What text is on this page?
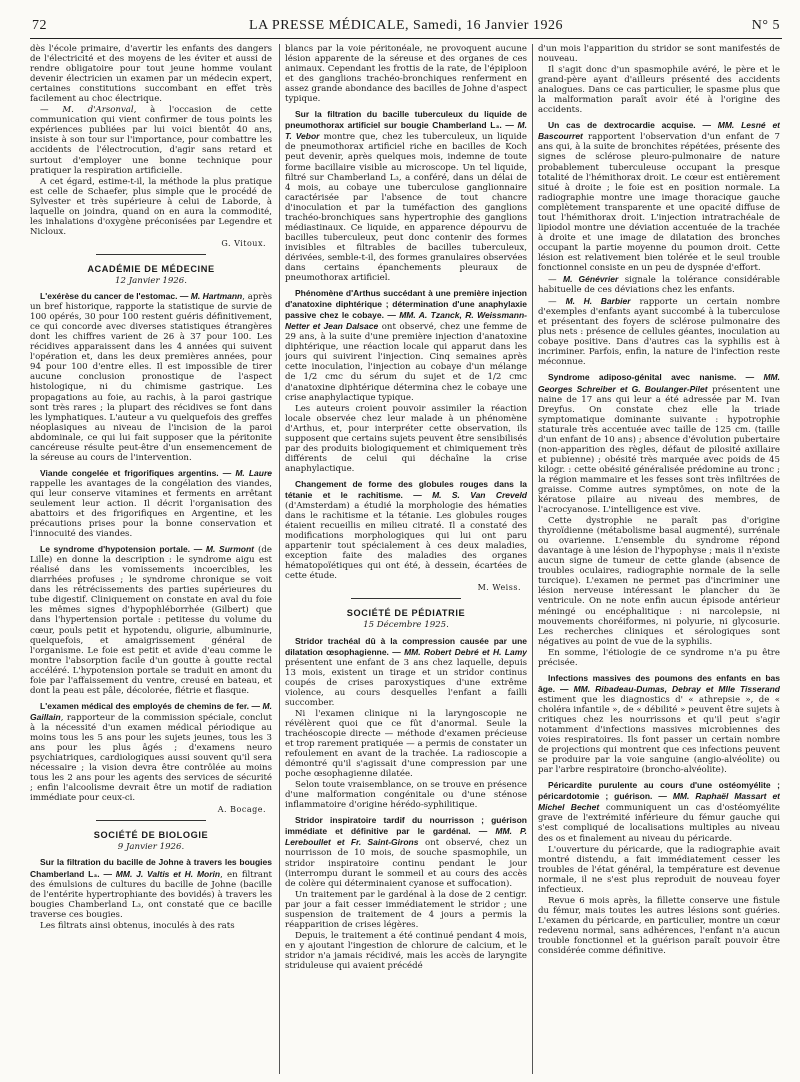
72	LA PRESSE MÉDICALE, Samedi, 16 Janvier 1926	N° 5

dès l'école primaire, d'avertir les enfants des dangers de l'électricité et des moyens de les éviter et aussi de rendre obligatoire pour tout jeune homme voulant devenir électricien un examen par un médecin expert, certaines constitutions succombant en effet très facilement au choc électrique.

— M. d'Arsonval, à l'occasion de cette communication qui vient confirmer de tous points les expériences publiées par lui voici bientôt 40 ans, insiste à son tour sur l'importance, pour combattre les accidents de l'électrocution, d'agir sans retard et surtout d'employer une bonne technique pour pratiquer la respiration artificielle.

A cet égard, estime-t-il, la méthode la plus pratique est celle de Schaefer, plus simple que le procédé de Sylvester et très supérieure à celui de Laborde, à laquelle on joindra, quand on en aura la commodité, les inhalations d'oxygène préconisées par Legendre et Nicloux.

G. Vitoux.
ACADÉMIE DE MÉDECINE
12 Janvier 1926.

L'exérèse du cancer de l'estomac. — M. Hartmann, après un bref historique, rapporte la statistique de survie de 100 opérés, 30 pour 100 restent guéris définitivement, ce qui concorde avec diverses statistiques étrangères dont les chiffres varient de 26 à 37 pour 100. Les récidives apparaissent dans les 4 années qui suivent l'opération et, dans les deux premières années, pour 94 pour 100 d'entre elles. Il est impossible de tirer aucune conclusion pronostique de l'aspect histologique, ni du chimisme gastrique. Les propagations au foie, au rachis, à la paroi gastrique sont très rares ; la plupart des récidives se font dans les lymphatiques. L'auteur a vu quelquefois des greffes néoplasiques au niveau de l'incision de la paroi abdominale, ce qui lui fait supposer que la péritonite cancéreuse résulte peut-être d'un ensemencement de la séreuse au cours de l'intervention.

Viande congelée et frigorifiques argentins. — M. Laure rappelle les avantages de la congélation des viandes, qui leur conserve vitamines et ferments en arrêtant seulement leur action. Il décrit l'organisation des abattoirs et des frigorifiques en Argentine, et les précautions prises pour la bonne conservation et l'innocuité des viandes.

Le syndrome d'hypotension portale. — M. Surmont (de Lille) en donne la description : le syndrome aigu est réalisé dans les vomissements incoercibles, les diarrhées profuses ; le syndrome chronique se voit dans les rétrécissements des parties supérieures du tube digestif. Cliniquement on constate en aval du foie les mêmes signes d'hypophléborrhée (Gilbert) que dans l'hypertension portale : petitesse du volume du cœur, pouls petit et hypotendu, oligurie, albuminurie, quelquefois, et amaigrissement général de l'organisme. Le foie est petit et avide d'eau comme le montre l'absorption facile d'un goutte à goutte rectal accéléré. L'hypotension portale se traduit en amont du foie par l'affaissement du ventre, creusé en bateau, et dont la peau est pâle, décolorée, flétrie et flasque.

L'examen médical des employés de chemins de fer. — M. Gaillain, rapporteur de la commission spéciale, conclut à la nécessité d'un examen médical périodique au moins tous les 5 ans pour les sujets jeunes, tous les 3 ans pour les plus âgés ; d'examens neuro psychiatriques, cardiologiques aussi souvent qu'il sera nécessaire ; la vision devra être contrôlée au moins tous les 2 ans pour les agents des services de sécurité ; enfin l'alcoolisme devrait être un motif de radiation immédiate pour ceux-ci.

A. Bocage.
SOCIÉTÉ DE BIOLOGIE
9 Janvier 1926.

Sur la filtration du bacille de Johne à travers les bougies Chamberland L₃. — MM. J. Valtis et H. Morin, en filtrant des émulsions de cultures du bacille de Johne (bacille de l'entérite hypertrophiante des bovidés) à travers les bougies Chamberland L₃, ont constaté que ce bacille traverse ces bougies.

Les filtrats ainsi obtenus, inoculés à des rats

blancs par la voie péritonéale, ne provoquent aucune lésion apparente de la séreuse et des organes de ces animaux. Cependant les frottis de la rate, de l'épiploon et des ganglions trachéo-bronchiques renferment en assez grande abondance des bacilles de Johne d'aspect typique.

Sur la filtration du bacille tuberculeux du liquide de pneumothorax artificiel sur bougie Chamberland L₃. — M. T. Vebor montre que, chez les tuberculeux, un liquide de pneumothorax artificiel riche en bacilles de Koch peut devenir, après quelques mois, indemne de toute forme bacillaire visible au microscope. Un tel liquide, filtré sur Chamberland L₃, a conféré, dans un délai de 4 mois, au cobaye une tuberculose ganglionnaire caractérisée par l'absence de tout chancre d'inoculation et par la tuméfaction des ganglions trachéo-bronchiques sans hypertrophie des ganglions médiastinaux. Ce liquide, en apparence dépourvu de bacilles tuberculeux, peut donc contenir des formes invisibles et filtrables de bacilles tuberculeux, dérivées, semble-t-il, des formes granulaires observées dans certains épanchements pleuraux de pneumothorax artificiel.

Phénomène d'Arthus succédant à une première injection d'anatoxine diphtérique ; détermination d'une anaphylaxie passive chez le cobaye. — MM. A. Tzanck, R. Weissmann-Netter et Jean Dalsace ont observé, chez une femme de 29 ans, à la suite d'une première injection d'anatoxine diphtérique, une réaction locale qui apparut dans les jours qui suivirent l'injection. Cinq semaines après cette inoculation, l'injection au cobaye d'un mélange de 1/2 cmc du sérum du sujet et de 1/2 cmc d'anatoxine diphtérique détermina chez le cobaye une crise anaphylactique typique.

Les auteurs croient pouvoir assimiler la réaction locale observée chez leur malade à un phénomène d'Arthus, et, pour interpréter cette observation, ils supposent que certains sujets peuvent être sensibilisés par des produits biologiquement et chimiquement très différents de celui qui déchaîne la crise anaphylactique.

Changement de forme des globules rouges dans la tétanie et le rachitisme. — M. S. Van Creveld (d'Amsterdam) a étudié la morphologie des hématies dans le rachitisme et la tétanie. Les globules rouges étaient recueillis en milieu citraté. Il a constaté des modifications morphologiques qui lui ont paru appartenir tout spécialement à ces deux maladies, exception faite des maladies des organes hématopoïétiques qui ont été, à dessein, écartées de cette étude.

M. Weiss.
SOCIÉTÉ DE PÉDIATRIE
15 Décembre 1925.

Stridor trachéal dû à la compression causée par une dilatation œsophagienne. — MM. Robert Debré et H. Lamy présentent une enfant de 3 ans chez laquelle, depuis 13 mois, existent un tirage et un stridor continus coupés de crises paroxystiques d'une extrême violence, au cours desquelles l'enfant a failli succomber.

Ni l'examen clinique ni la laryngoscopie ne révélèrent quoi que ce fût d'anormal. Seule la trachéoscopie directe — méthode d'examen précieuse et trop rarement pratiquée — a permis de constater un refoulement en avant de la trachée. La radioscopie a démontré qu'il s'agissait d'une compression par une poche œsophagienne dilatée.

Selon toute vraisemblance, on se trouve en présence d'une malformation congénitale ou d'une sténose inflammatoire d'origine hérédo-syphilitique.

Stridor inspiratoire tardif du nourrisson ; guérison immédiate et définitive par le gardénal. — MM. P. Lereboullet et Fr. Saint-Girons ont observé, chez un nourrisson de 10 mois, de souche spasmophile, un stridor inspiratoire continu pendant le jour (interrompu durant le sommeil et au cours des accès de colère qui déterminaient cyanose et suffocation).

Un traitement par le gardénal à la dose de 2 centigr. par jour a fait cesser immédiatement le stridor ; une suspension de traitement de 4 jours a permis la réapparition de crises légères.

Depuis, le traitement a été continué pendant 4 mois, en y ajoutant l'ingestion de chlorure de calcium, et le stridor n'a jamais récidivé, mais les accès de laryngite striduleuse qui avaient précédé

d'un mois l'apparition du stridor se sont manifestés de nouveau.

Il s'agit donc d'un spasmophile avéré, le père et le grand-père ayant d'ailleurs présenté des accidents analogues. Dans ce cas particulier, le spasme plus que la malformation paraît avoir été à l'origine des accidents.

Un cas de dextrocardie acquise. — MM. Lesné et Bascourret rapportent l'observation d'un enfant de 7 ans qui, à la suite de bronchites répétées, présente des signes de sclérose pleuro-pulmonaire de nature probablement tuberculeuse occupant la presque totalité de l'hémithorax droit. Le cœur est entièrement situé à droite ; le foie est en position normale. La radiographie montre une image thoracique gauche complètement transparente et une opacité diffuse de tout l'hémithorax droit. L'injection intratrachéale de lipiodol montre une déviation accentuée de la trachée à droite et une image de dilatation des bronches occupant la partie moyenne du poumon droit. Cette lésion est relativement bien tolérée et le seul trouble fonctionnel consiste en un peu de dyspnée d'effort.

— M. Génévrier signale la tolérance considérable habituelle de ces déviations chez les enfants.

— M. H. Barbier rapporte un certain nombre d'exemples d'enfants ayant succombé à la tuberculose et présentant des foyers de sclérose pulmonaire des plus nets : présence de cellules géantes, inoculation au cobaye positive. Dans d'autres cas la syphilis est à incriminer. Parfois, enfin, la nature de l'infection reste méconnue.

Syndrome adiposo-génital avec nanisme. — MM. Georges Schreiber et G. Boulanger-Pilet présentent une naine de 17 ans qui leur a été adressée par M. Ivan Dreyfus. On constate chez elle la triade symptomatique dominante suivante : hypotrophie staturale très accentuée avec taille de 125 cm. (taille d'un enfant de 10 ans) ; absence d'évolution pubertaire (non-apparition des règles, défaut de pilosité axillaire et pubienne) ; obésité très marquée avec poids de 45 kilogr. : cette obésité généralisée prédomine au tronc ; la région mammaire et les fesses sont très infiltrées de graisse. Comme autres symptômes, on note de la kératose pilaire au niveau des membres, de l'acrocyanose. L'intelligence est vive.

Cette dystrophie ne paraît pas d'origine thyroïdienne (métabolisme basal augmenté), surrénale ou ovarienne. L'ensemble du syndrome répond davantage à une lésion de l'hypophyse ; mais il n'existe aucun signe de tumeur de cette glande (absence de troubles oculaires, radiographie normale de la selle turcique). L'examen ne permet pas d'incriminer une lésion nerveuse intéressant le plancher du 3e ventricule. On ne note enfin aucun épisode antérieur méningé ou encéphalitique : ni narcolepsie, ni mouvements choréiformes, ni polyurie, ni glycosurie. Les recherches cliniques et sérologiques sont négatives au point de vue de la syphilis.

En somme, l'étiologie de ce syndrome n'a pu être précisée.

Infections massives des poumons des enfants en bas âge. — MM. Ribadeau-Dumas, Debray et Mlle Tisserand estiment que les diagnostics d' « athrepsie », de « choléra infantile », de « débilité » peuvent être sujets à critiques chez les nourrissons et qu'il peut s'agir notamment d'infections massives microbiennes des voies respiratoires. Ils font passer un certain nombre de projections qui montrent que ces infections peuvent se produire par la voie sanguine (angio-alvéolite) ou par l'arbre respiratoire (broncho-alvéolite).

Péricardite purulente au cours d'une ostéomyélite ; péricardotomie ; guérison. — MM. Raphaël Massart et Michel Bechet communiquent un cas d'ostéomyélite grave de l'extrémité inférieure du fémur gauche qui s'est compliqué de localisations multiples au niveau des os et finalement au niveau du péricarde.

L'ouverture du péricarde, que la radiographie avait montré distendu, a fait immédiatement cesser les troubles de l'état général, la température est devenue normale, il ne s'est plus reproduit de nouveau foyer infectieux.

Revue 6 mois après, la fillette conserve une fistule du fémur, mais toutes les autres lésions sont guéries. L'examen du péricarde, en particulier, montre un cœur redevenu normal, sans adhérences, l'enfant n'a aucun trouble fonctionnel et la guérison paraît pouvoir être considérée comme définitive.
